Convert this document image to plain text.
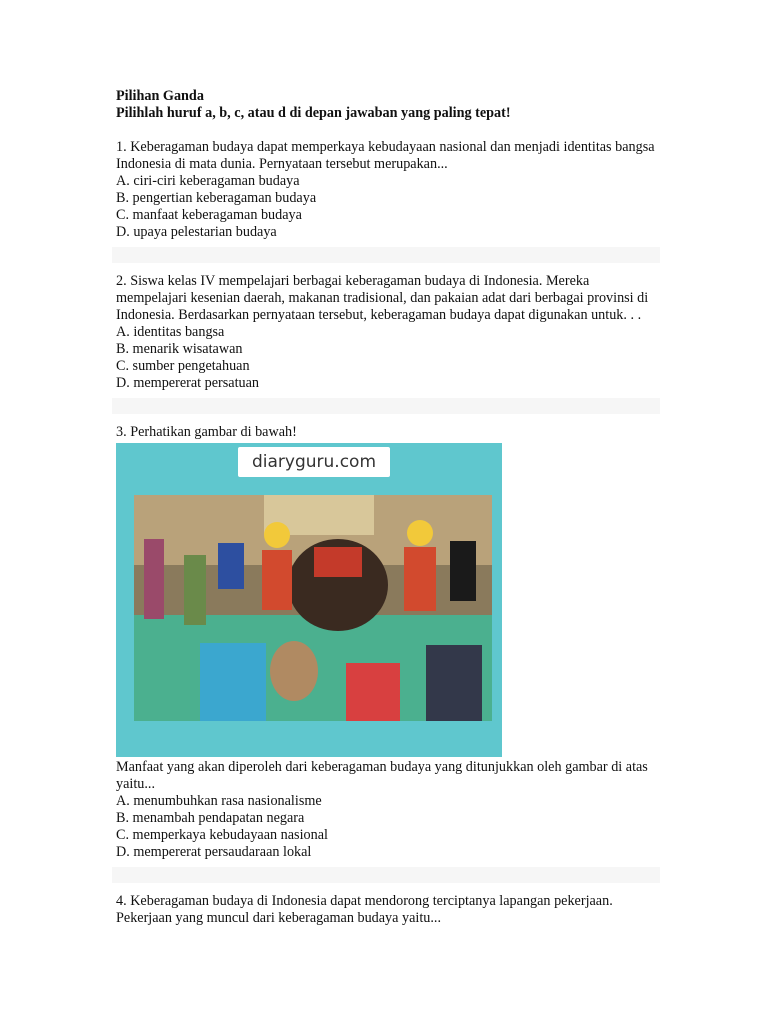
Pilihan Ganda

Pilihlah huruf a, b, c, atau d di depan jawaban yang paling tepat!

1. Keberagaman budaya dapat memperkaya kebudayaan nasional dan menjadi identitas bangsa Indonesia di mata dunia. Pernyataan tersebut merupakan...

A. ciri-ciri keberagaman budaya

B. pengertian keberagaman budaya

C. manfaat keberagaman budaya

D. upaya pelestarian budaya

2. Siswa kelas IV mempelajari berbagai keberagaman budaya di Indonesia. Mereka mempelajari kesenian daerah, makanan tradisional, dan pakaian adat dari berbagai provinsi di Indonesia. Berdasarkan pernyataan tersebut, keberagaman budaya dapat digunakan untuk. . .

A. identitas bangsa

B. menarik wisatawan

C. sumber pengetahuan

D. mempererat persatuan

3. Perhatikan gambar di bawah!

diaryguru.com

Manfaat yang akan diperoleh dari keberagaman budaya yang ditunjukkan oleh gambar di atas yaitu...

A. menumbuhkan rasa nasionalisme

B. menambah pendapatan negara

C. memperkaya kebudayaan nasional

D. mempererat persaudaraan lokal

4. Keberagaman budaya di Indonesia dapat mendorong terciptanya lapangan pekerjaan. Pekerjaan yang muncul dari keberagaman budaya yaitu...
